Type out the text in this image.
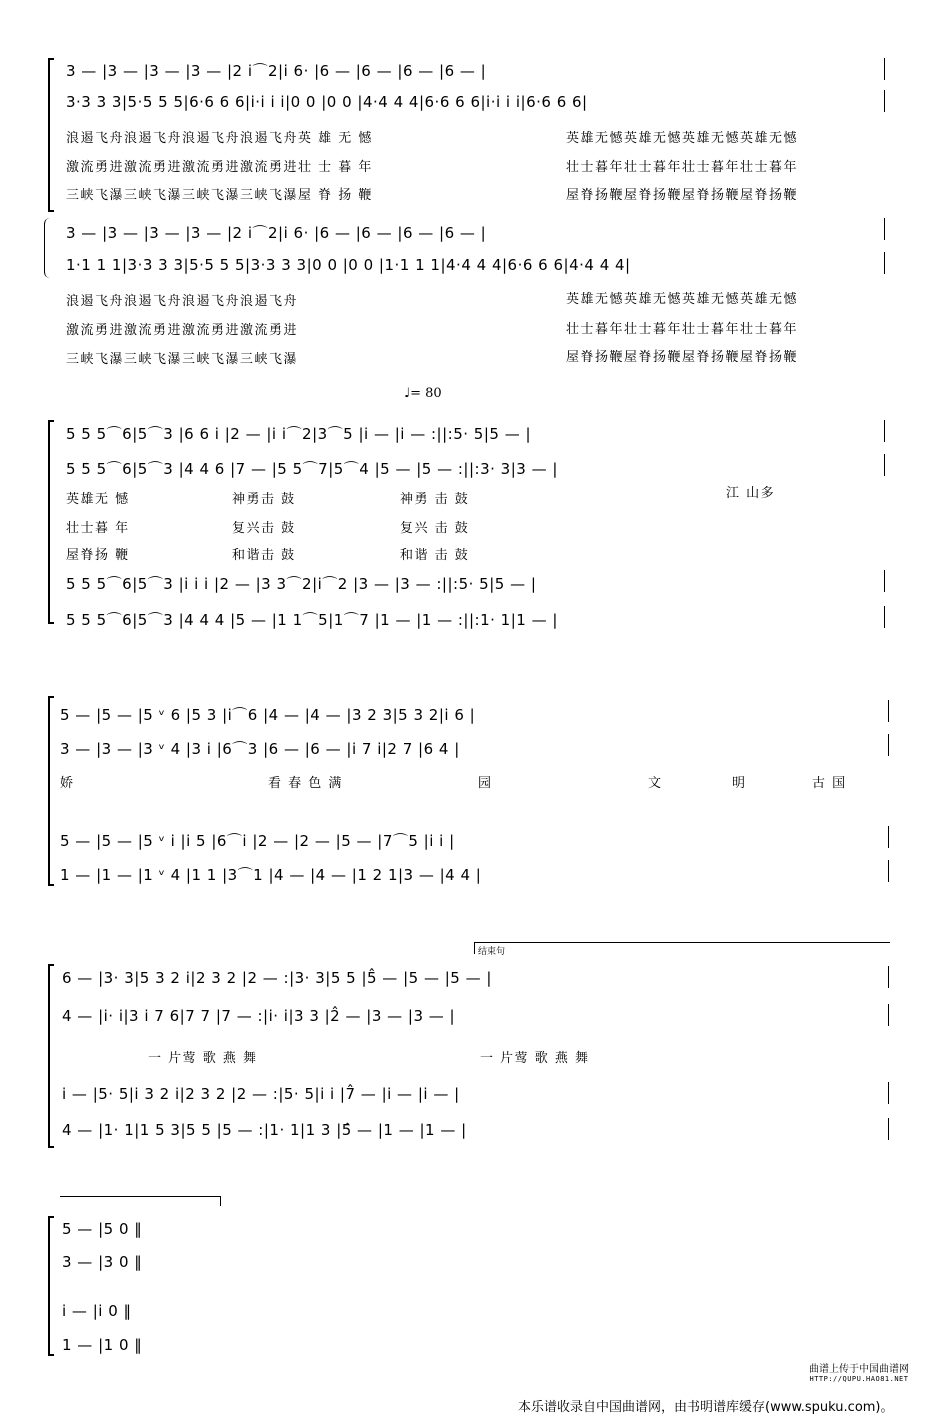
3 — |3 — |3 — |3 — |2 i⌒2|i 6· |6 — |6 — |6 — |6 — |
3·3 3 3|5·5 5 5|6·6 6 6|i·i i i|0 0 |0 0 |4·4 4 4|6·6 6 6|i·i i i|6·6 6 6|
浪遏飞舟浪遏飞舟浪遏飞舟浪遏飞舟英 雄 无 憾	英雄无憾英雄无憾英雄无憾英雄无憾
激流勇进激流勇进激流勇进激流勇进壮 士 暮 年	壮士暮年壮士暮年壮士暮年壮士暮年
三峡飞瀑三峡飞瀑三峡飞瀑三峡飞瀑屋 脊 扬 鞭	屋脊扬鞭屋脊扬鞭屋脊扬鞭屋脊扬鞭
3 — |3 — |3 — |3 — |2 i⌒2|i 6· |6 — |6 — |6 — |6 — |
1·1 1 1|3·3 3 3|5·5 5 5|3·3 3 3|0 0 |0 0 |1·1 1 1|4·4 4 4|6·6 6 6|4·4 4 4|
浪遏飞舟浪遏飞舟浪遏飞舟浪遏飞舟	英雄无憾英雄无憾英雄无憾英雄无憾
激流勇进激流勇进激流勇进激流勇进	壮士暮年壮士暮年壮士暮年壮士暮年
三峡飞瀑三峡飞瀑三峡飞瀑三峡飞瀑	屋脊扬鞭屋脊扬鞭屋脊扬鞭屋脊扬鞭
♩= 80
5 5 5⌒6|5⌒3 |6 6 i |2 — |i i⌒2|3⌒5 |i — |i — :||:5· 5|5 — |
5 5 5⌒6|5⌒3 |4 4 6 |7 — |5 5⌒7|5⌒4 |5 — |5 — :||:3· 3|3 — |
英雄无 憾	神勇击 鼓	神勇 击 鼓	江 山多
壮士暮 年	复兴击 鼓	复兴 击 鼓
屋脊扬 鞭	和谐击 鼓	和谐 击 鼓
5 5 5⌒6|5⌒3 |i i i |2 — |3 3⌒2|i⌒2 |3 — |3 — :||:5· 5|5 — |
5 5 5⌒6|5⌒3 |4 4 4 |5 — |1 1⌒5|1⌒7 |1 — |1 — :||:1· 1|1 — |
5 — |5 — |5 ᵛ 6 |5 3 |i⌒6 |4 — |4 — |3 2 3|5 3 2|i 6 |
3 — |3 — |3 ᵛ 4 |3 i |6⌒3 |6 — |6 — |i 7 i|2 7 |6 4 |
娇	看 春 色 满	园	文	明	古 国
5 — |5 — |5 ᵛ i |i 5 |6⌒i |2 — |2 — |5 — |7⌒5 |i i |
1 — |1 — |1 ᵛ 4 |1 1 |3⌒1 |4 — |4 — |1 2 1|3 — |4 4 |
结束句
6 — |3· 3|5 3 2 i|2 3 2 |2 — :|3· 3|5 5 |5̂ — |5 — |5 — |
4 — |i· i|3 i 7 6|7 7 |7 — :|i· i|3 3 |2̂ — |3 — |3 — |
一 片莺 歌 燕 舞	一 片莺 歌 燕 舞
i — |5· 5|i 3 2 i|2 3 2 |2 — :|5· 5|i i |7̂ — |i — |i — |
4 — |1· 1|1 5 3|5 5 |5 — :|1· 1|1 3 |5̂ — |1 — |1 — |
5 — |5 0 ‖
3 — |3 0 ‖
i — |i 0 ‖
1 — |1 0 ‖
曲谱上传于中国曲谱网
HTTP://QUPU.HAO81.NET
本乐谱收录自中国曲谱网，由书明谱库缓存(www.spuku.com)。
